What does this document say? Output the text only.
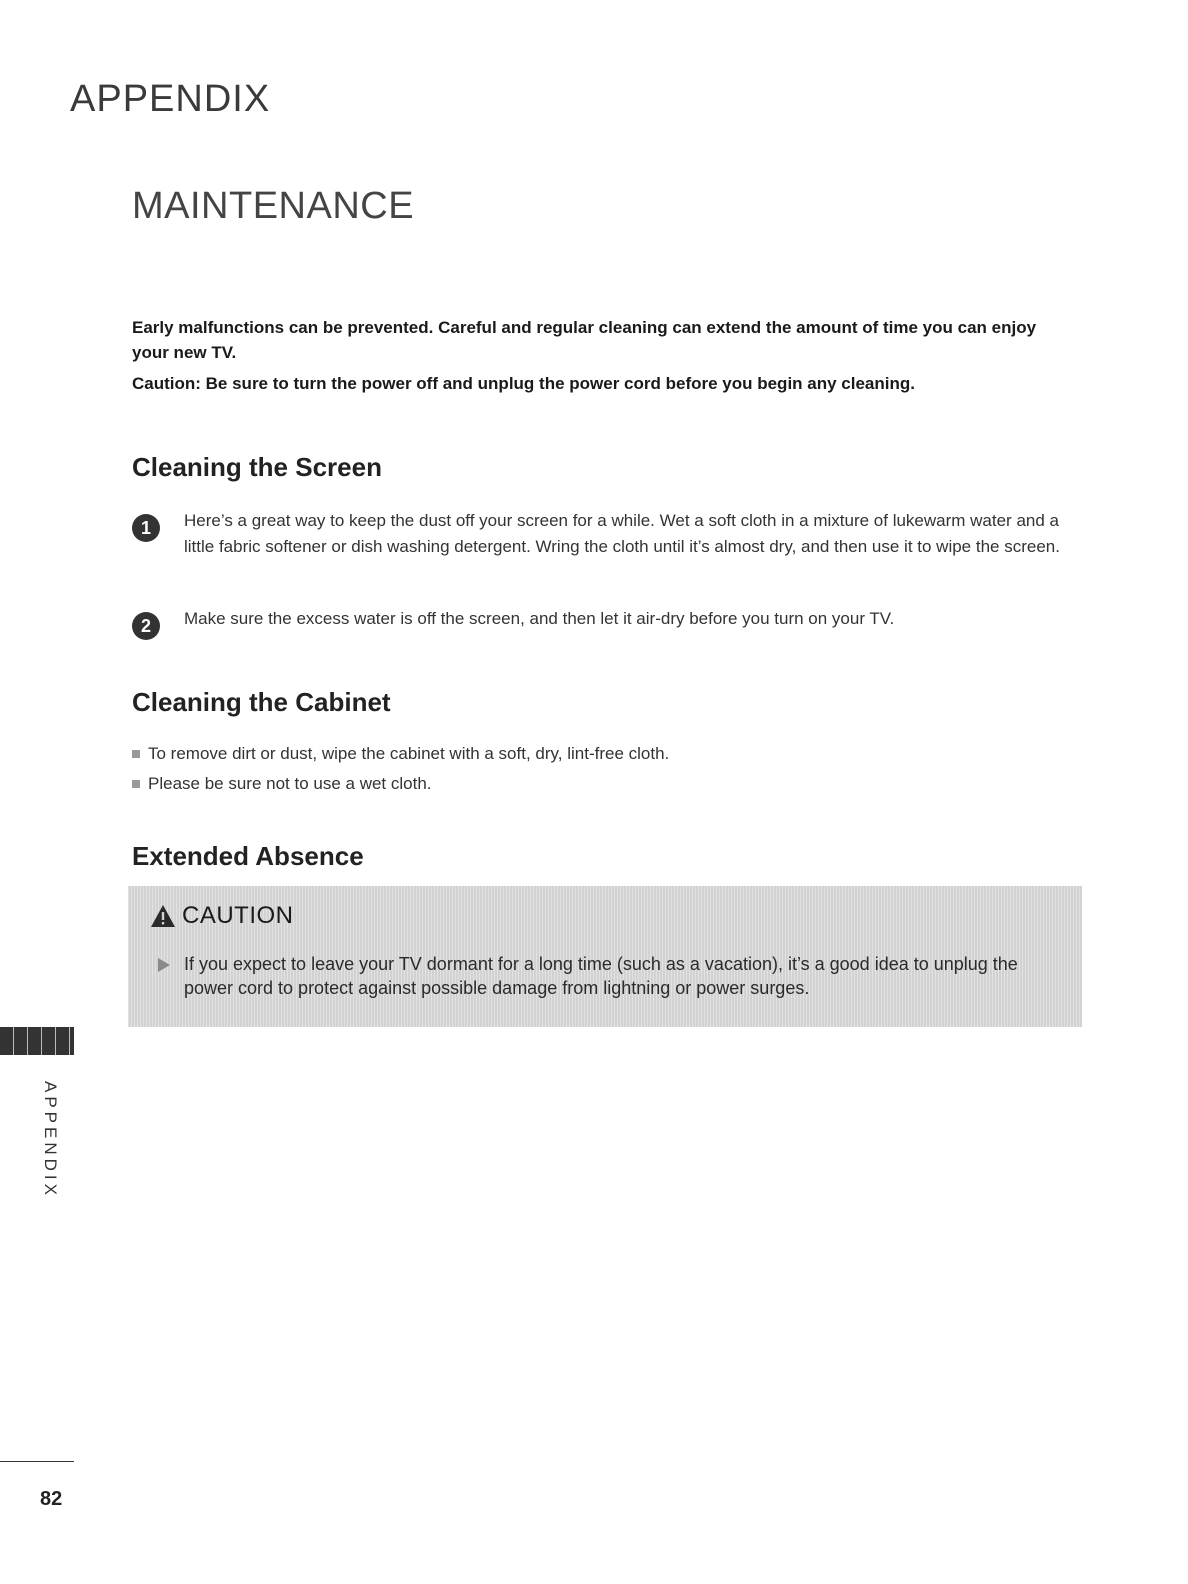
APPENDIX
MAINTENANCE

Early malfunctions can be prevented. Careful and regular cleaning can extend the amount of time you can enjoy your new TV.

Caution: Be sure to turn the power off and unplug the power cord before you begin any cleaning.

Cleaning the Screen
1	Here’s a great way to keep the dust off your screen for a while. Wet a soft cloth in a mixture of lukewarm water and a little fabric softener or dish washing detergent. Wring the cloth until it’s almost dry, and then use it to wipe the screen.
2	Make sure the excess water is off the screen, and then let it air-dry before you turn on your TV.
Cleaning the Cabinet
To remove dirt or dust, wipe the cabinet with a soft, dry, lint-free cloth.
Please be sure not to use a wet cloth.
Extended Absence
CAUTION
If you expect to leave your TV dormant for a long time (such as a vacation), it’s a good idea to unplug the power cord to protect against possible damage from lightning or power surges.
APPENDIX
82
